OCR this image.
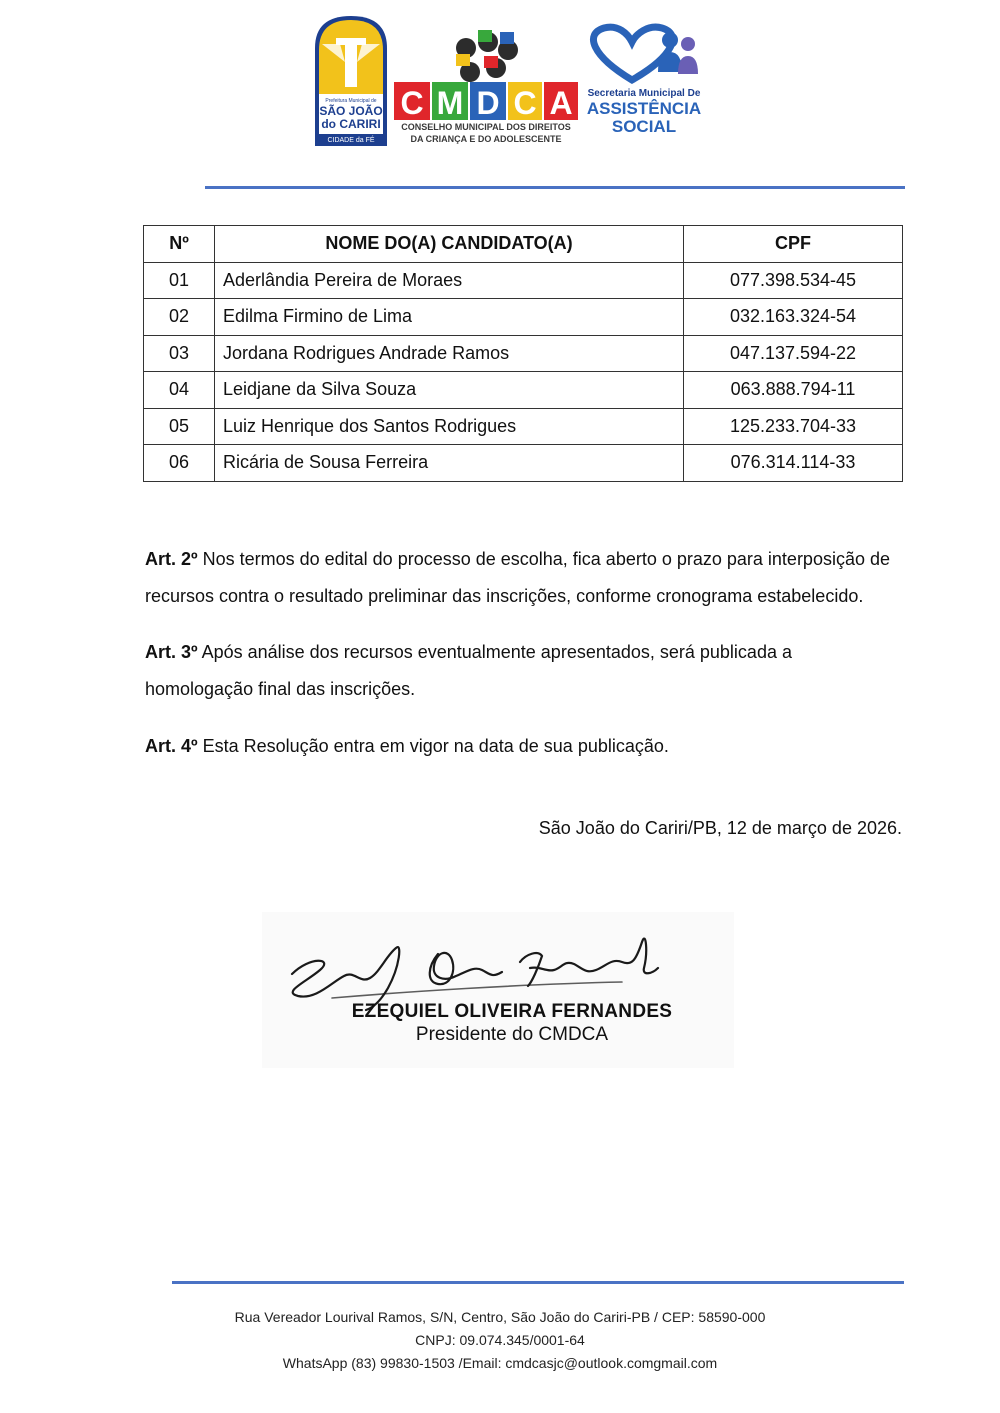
Prefeitura Municipal de
SÃO JOÃO
do CARIRI
CIDADE da FÉ
C M D C A
CONSELHO MUNICIPAL DOS DIREITOS
DA CRIANÇA E DO ADOLESCENTE
Secretaria Municipal De
ASSISTÊNCIA
SOCIAL
Nº	NOME DO(A) CANDIDATO(A)	CPF
01	Aderlândia Pereira de Moraes	077.398.534-45
02	Edilma Firmino de Lima	032.163.324-54
03	Jordana Rodrigues Andrade Ramos	047.137.594-22
04	Leidjane da Silva Souza	063.888.794-11
05	Luiz Henrique dos Santos Rodrigues	125.233.704-33
06	Ricária de Sousa Ferreira	076.314.114-33

Art. 2º Nos termos do edital do processo de escolha, fica aberto o prazo para interposição de recursos contra o resultado preliminar das inscrições, conforme cronograma estabelecido.

Art. 3º Após análise dos recursos eventualmente apresentados, será publicada a homologação final das inscrições.

Art. 4º Esta Resolução entra em vigor na data de sua publicação.

São João do Cariri/PB, 12 de março de 2026.
EZEQUIEL OLIVEIRA FERNANDES
Presidente do CMDCA
Rua Vereador Lourival Ramos, S/N, Centro, São João do Cariri-PB / CEP: 58590-000
CNPJ: 09.074.345/0001-64
WhatsApp (83) 99830-1503 /Email: cmdcasjc@outlook.comgmail.com
